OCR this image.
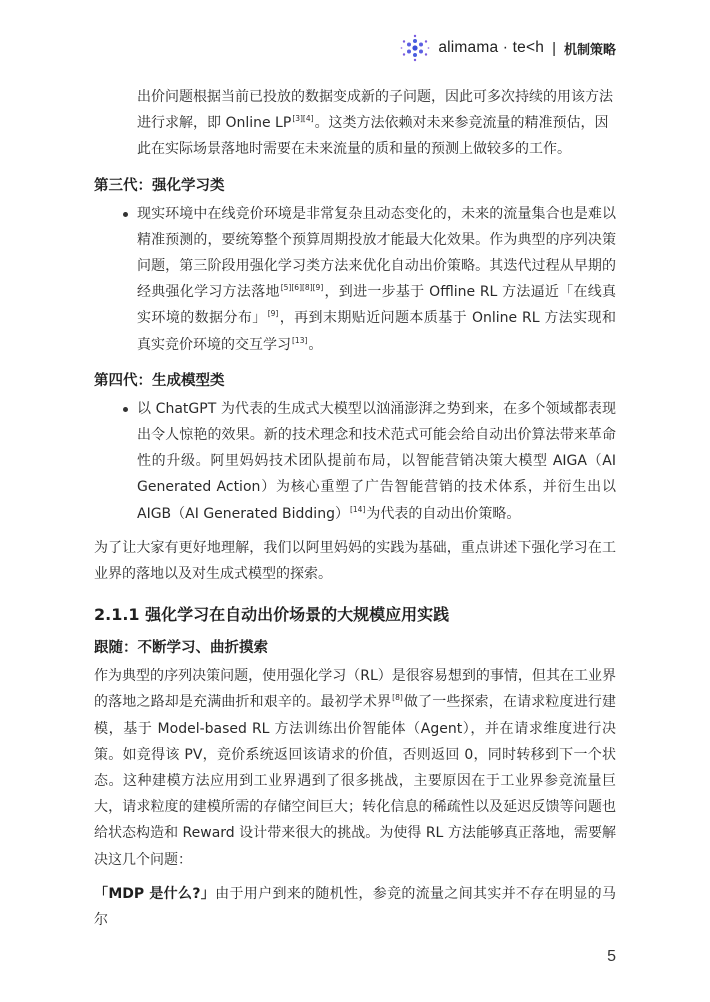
alimama · te<h | 机制策略

出价问题根据当前已投放的数据变成新的子问题，因此可多次持续的用该方法

进行求解，即 Online LP[3][4]。这类方法依赖对未来参竞流量的精准预估，因

此在实际场景落地时需要在未来流量的质和量的预测上做较多的工作。

第三代：强化学习类

现实环境中在线竞价环境是非常复杂且动态变化的，未来的流量集合也是难以精准预测的，要统筹整个预算周期投放才能最大化效果。作为典型的序列决策问题，第三阶段用强化学习类方法来优化自动出价策略。其迭代过程从早期的经典强化学习方法落地[5][6][8][9]，到进一步基于 Offline RL 方法逼近「在线真实环境的数据分布」[9]，再到末期贴近问题本质基于 Online RL 方法实现和真实竞价环境的交互学习[13]。

第四代：生成模型类

以 ChatGPT 为代表的生成式大模型以汹涌澎湃之势到来，在多个领域都表现出令人惊艳的效果。新的技术理念和技术范式可能会给自动出价算法带来革命性的升级。阿里妈妈技术团队提前布局，以智能营销决策大模型 AIGA（AI Generated Action）为核心重塑了广告智能营销的技术体系，并衍生出以 AIGB（AI Generated Bidding）[14]为代表的自动出价策略。

为了让大家有更好地理解，我们以阿里妈妈的实践为基础，重点讲述下强化学习在工业界的落地以及对生成式模型的探索。

2.1.1 强化学习在自动出价场景的大规模应用实践
跟随：不断学习、曲折摸索

作为典型的序列决策问题，使用强化学习（RL）是很容易想到的事情，但其在工业界的落地之路却是充满曲折和艰辛的。最初学术界[8]做了一些探索，在请求粒度进行建模，基于 Model-based RL 方法训练出价智能体（Agent），并在请求维度进行决策。如竞得该 PV，竞价系统返回该请求的价值，否则返回 0，同时转移到下一个状态。这种建模方法应用到工业界遇到了很多挑战，主要原因在于工业界参竞流量巨大，请求粒度的建模所需的存储空间巨大；转化信息的稀疏性以及延迟反馈等问题也给状态构造和 Reward 设计带来很大的挑战。为使得 RL 方法能够真正落地，需要解决这几个问题：

「MDP 是什么?」由于用户到来的随机性，参竞的流量之间其实并不存在明显的马尔

5
